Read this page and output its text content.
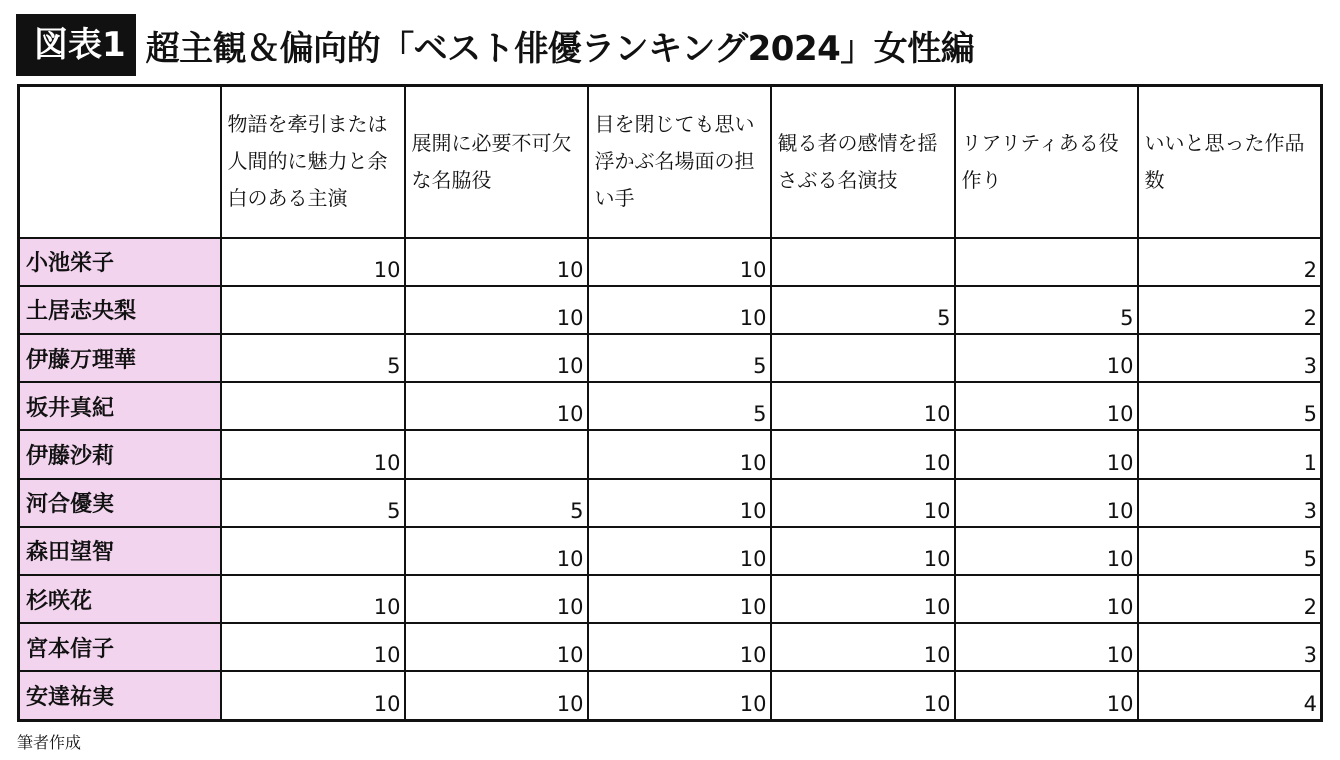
図表1 超主観＆偏向的「ベスト俳優ランキング2024」女性編
	物語を牽引または人間的に魅力と余白のある主演	展開に必要不可欠な名脇役	目を閉じても思い浮かぶ名場面の担い手	観る者の感情を揺さぶる名演技	リアリティある役作り	いいと思った作品数
小池栄子	10	10	10			2
土居志央梨		10	10	5	5	2
伊藤万理華	5	10	5		10	3
坂井真紀		10	5	10	10	5
伊藤沙莉	10		10	10	10	1
河合優実	5	5	10	10	10	3
森田望智		10	10	10	10	5
杉咲花	10	10	10	10	10	2
宮本信子	10	10	10	10	10	3
安達祐実	10	10	10	10	10	4
筆者作成
